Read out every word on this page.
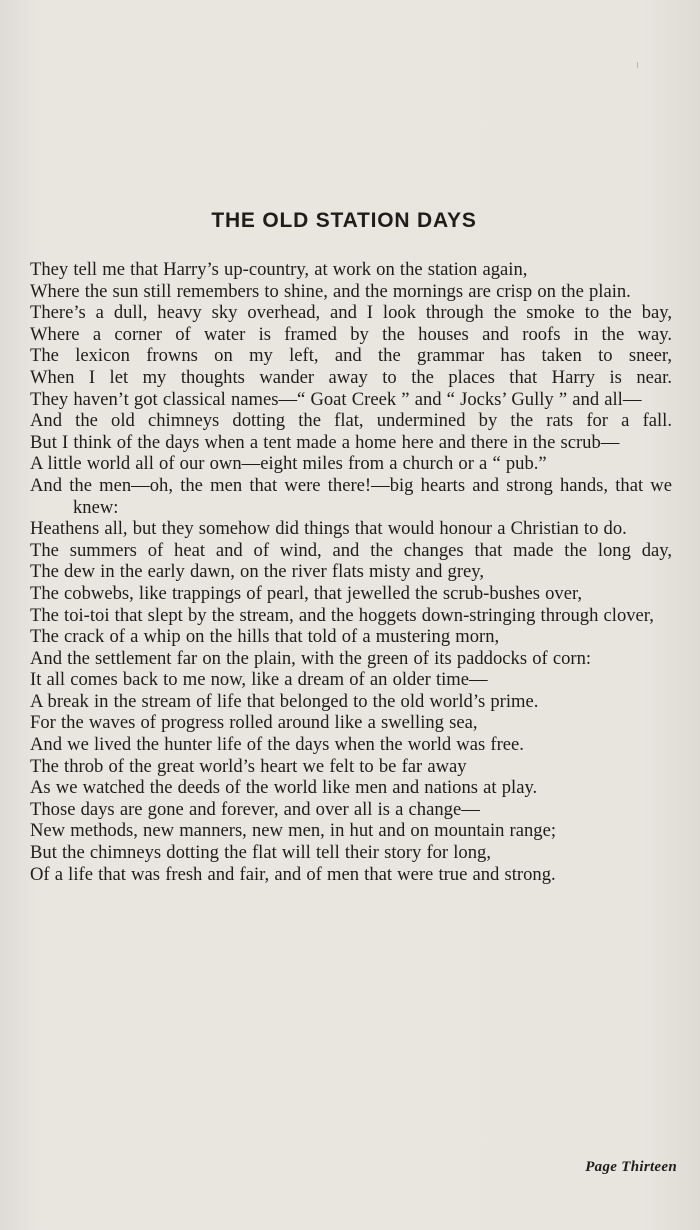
THE OLD STATION DAYS
They tell me that Harry’s up-country, at work on the station again,
Where the sun still remembers to shine, and the mornings are crisp on the plain.
There’s a dull, heavy sky overhead, and I look through the smoke to the bay,
Where a corner of water is framed by the houses and roofs in the way.
The lexicon frowns on my left, and the grammar has taken to sneer,
When I let my thoughts wander away to the places that Harry is near.
They haven’t got classical names—“ Goat Creek ” and “ Jocks’ Gully ” and all—
And the old chimneys dotting the flat, undermined by the rats for a fall.
But I think of the days when a tent made a home here and there in the scrub—
A little world all of our own—eight miles from a church or a “ pub.”
And the men—oh, the men that were there!—big hearts and strong hands, that we knew:
Heathens all, but they somehow did things that would honour a Christian to do.
The summers of heat and of wind, and the changes that made the long day,
The dew in the early dawn, on the river flats misty and grey,
The cobwebs, like trappings of pearl, that jewelled the scrub-bushes over,
The toi-toi that slept by the stream, and the hoggets down-stringing through clover,
The crack of a whip on the hills that told of a mustering morn,
And the settlement far on the plain, with the green of its paddocks of corn:
It all comes back to me now, like a dream of an older time—
A break in the stream of life that belonged to the old world’s prime.
For the waves of progress rolled around like a swelling sea,
And we lived the hunter life of the days when the world was free.
The throb of the great world’s heart we felt to be far away
As we watched the deeds of the world like men and nations at play.
Those days are gone and forever, and over all is a change—
New methods, new manners, new men, in hut and on mountain range;
But the chimneys dotting the flat will tell their story for long,
Of a life that was fresh and fair, and of men that were true and strong.
Page Thirteen
